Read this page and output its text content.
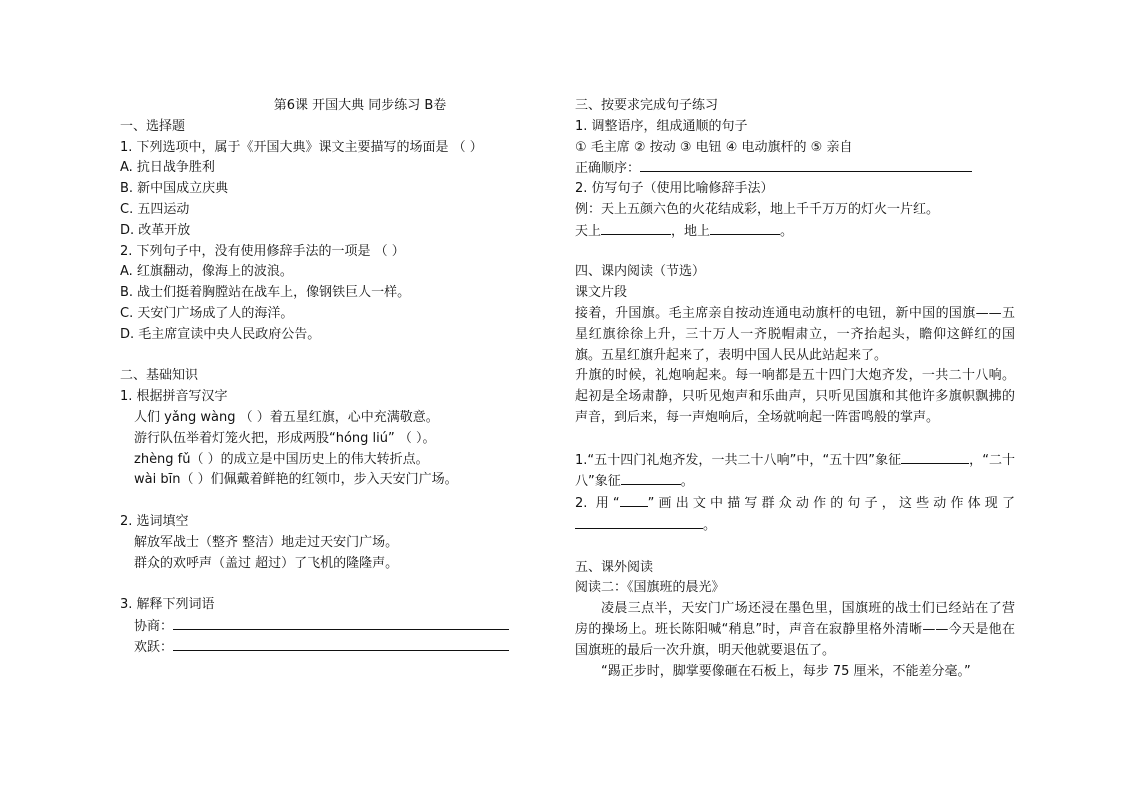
第6课 开国大典 同步练习 B卷
一、选择题
1. 下列选项中，属于《开国大典》课文主要描写的场面是 （ ）
A. 抗日战争胜利
B. 新中国成立庆典
C. 五四运动
D. 改革开放
2. 下列句子中，没有使用修辞手法的一项是 （ ）
A. 红旗翻动，像海上的波浪。
B. 战士们挺着胸膛站在战车上，像钢铁巨人一样。
C. 天安门广场成了人的海洋。
D. 毛主席宣读中央人民政府公告。
二、基础知识
1. 根据拼音写汉字
人们 yǎng wàng （ ）着五星红旗，心中充满敬意。
游行队伍举着灯笼火把，形成两股“hóng liú” （ ）。
zhèng fǔ（ ）的成立是中国历史上的伟大转折点。
wài bīn（ ）们佩戴着鲜艳的红领巾，步入天安门广场。
2. 选词填空
解放军战士（整齐 整洁）地走过天安门广场。
群众的欢呼声（盖过 超过）了飞机的隆隆声。
3. 解释下列词语
协商：
欢跃：
三、按要求完成句子练习
1. 调整语序，组成通顺的句子
① 毛主席 ② 按动 ③ 电钮 ④ 电动旗杆的 ⑤ 亲自
正确顺序：
2. 仿写句子（使用比喻修辞手法）
例：天上五颜六色的火花结成彩，地上千千万万的灯火一片红。
天上	，地上	。
四、课内阅读（节选）
课文片段
接着，升国旗。毛主席亲自按动连通电动旗杆的电钮，新中国的国旗——五星红旗徐徐上升，三十万人一齐脱帽肃立，一齐抬起头，瞻仰这鲜红的国旗。五星红旗升起来了，表明中国人民从此站起来了。
升旗的时候，礼炮响起来。每一响都是五十四门大炮齐发，一共二十八响。起初是全场肃静，只听见炮声和乐曲声，只听见国旗和其他许多旗帜飘拂的声音，到后来，每一声炮响后，全场就响起一阵雷鸣般的掌声。
1.“五十四门礼炮齐发，一共二十八响”中，“五十四”象征	，“二十八”象征	。
2. 用“ ”画出文中描写群众动作的句子，这些动作体现了。
五、课外阅读
阅读二：《国旗班的晨光》
凌晨三点半，天安门广场还浸在墨色里，国旗班的战士们已经站在了营房的操场上。班长陈阳喊“稍息”时，声音在寂静里格外清晰——今天是他在国旗班的最后一次升旗，明天他就要退伍了。
“踢正步时，脚掌要像砸在石板上，每步 75 厘米，不能差分毫。”
